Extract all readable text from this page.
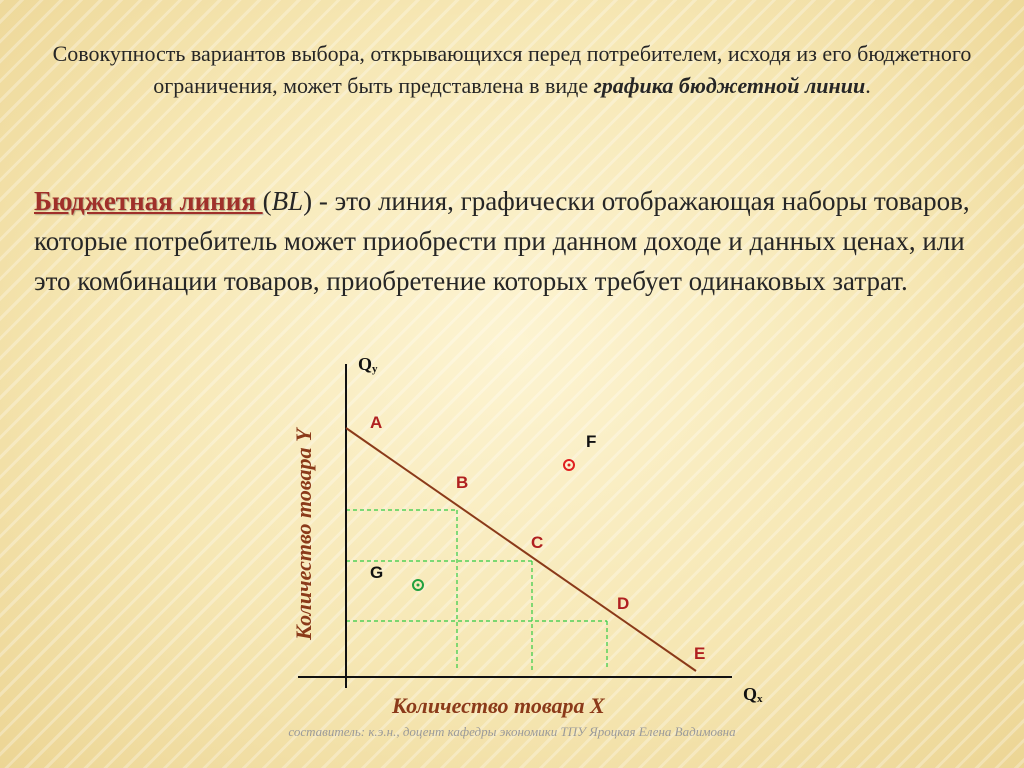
Совокупность вариантов выбора, открывающихся перед потребителем, исходя из его бюджетного ограничения, может быть представлена в виде графика бюджетной линии.
Бюджетная линия (BL) - это линия, графически отображающая наборы товаров, которые потребитель может приобрести при данном доходе и данных ценах, или это комбинации товаров, приобретение которых требует одинаковых затрат.
Qy
Qx
Количество товара Y
Количество товара X
A
B
C
D
E
F
G
составитель: к.э.н., доцент кафедры экономики ТПУ Яроцкая Елена Вадимовна
